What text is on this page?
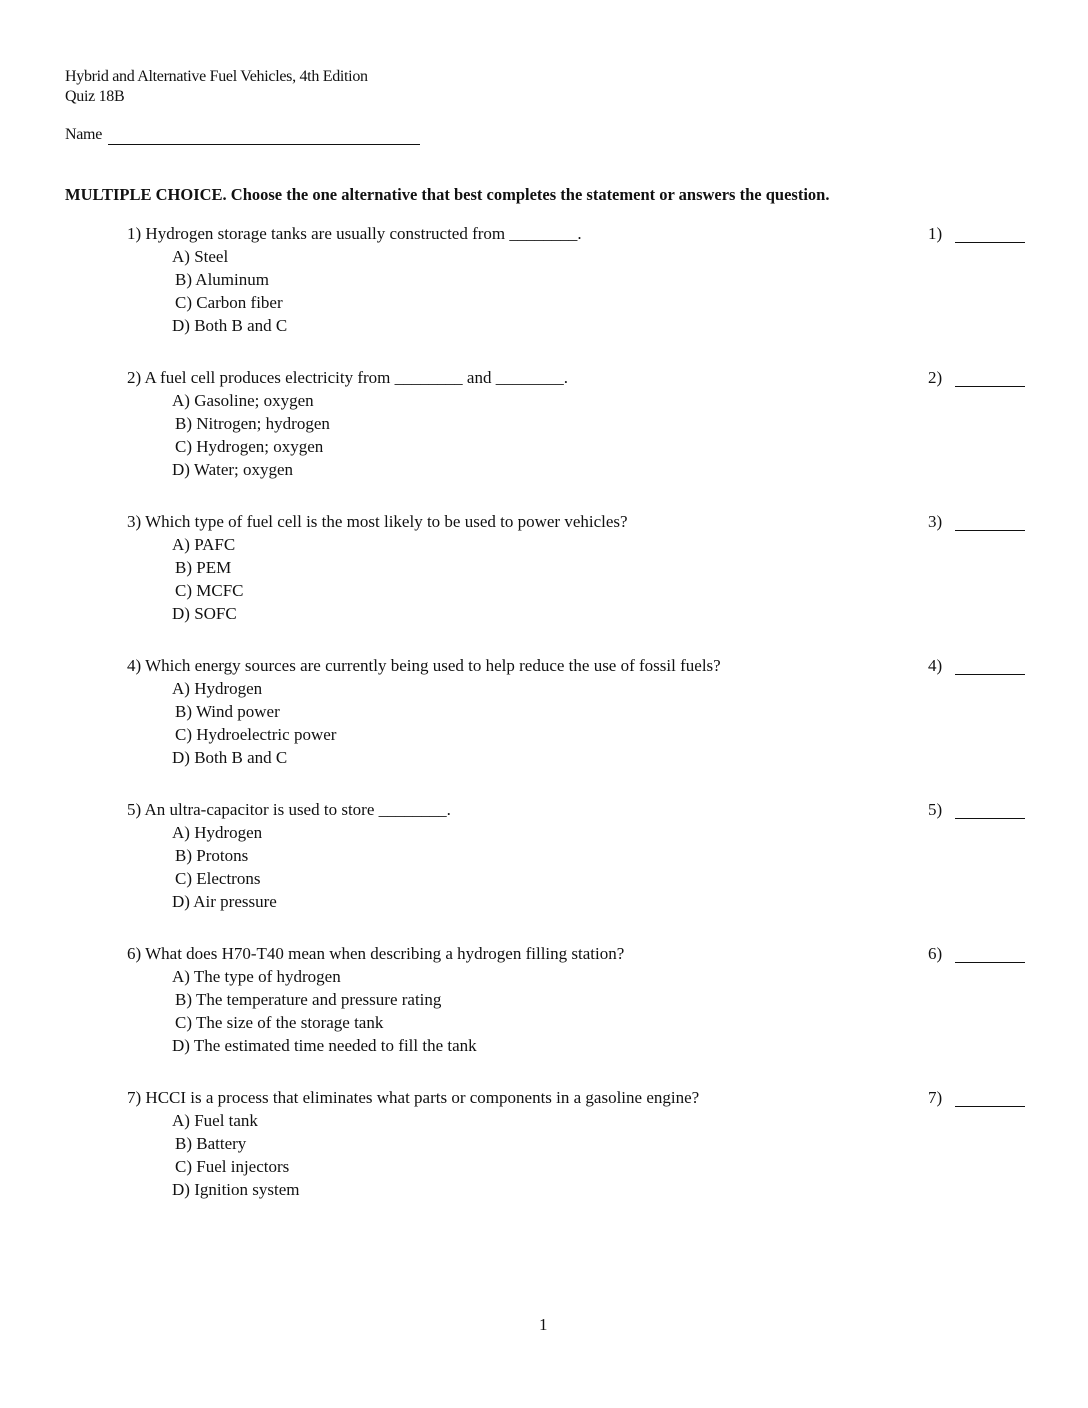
Hybrid and Alternative Fuel Vehicles, 4th Edition
Quiz 18B
Name
MULTIPLE CHOICE. Choose the one alternative that best completes the statement or answers the question.
1) Hydrogen storage tanks are usually constructed from ________.
A) Steel
B) Aluminum
C) Carbon fiber
D) Both B and C
1)
2) A fuel cell produces electricity from ________ and ________.
A) Gasoline; oxygen
B) Nitrogen; hydrogen
C) Hydrogen; oxygen
D) Water; oxygen
2)
3) Which type of fuel cell is the most likely to be used to power vehicles?
A) PAFC
B) PEM
C) MCFC
D) SOFC
3)
4) Which energy sources are currently being used to help reduce the use of fossil fuels?
A) Hydrogen
B) Wind power
C) Hydroelectric power
D) Both B and C
4)
5) An ultra-capacitor is used to store ________.
A) Hydrogen
B) Protons
C) Electrons
D) Air pressure
5)
6) What does H70-T40 mean when describing a hydrogen filling station?
A) The type of hydrogen
B) The temperature and pressure rating
C) The size of the storage tank
D) The estimated time needed to fill the tank
6)
7) HCCI is a process that eliminates what parts or components in a gasoline engine?
A) Fuel tank
B) Battery
C) Fuel injectors
D) Ignition system
7)
1
